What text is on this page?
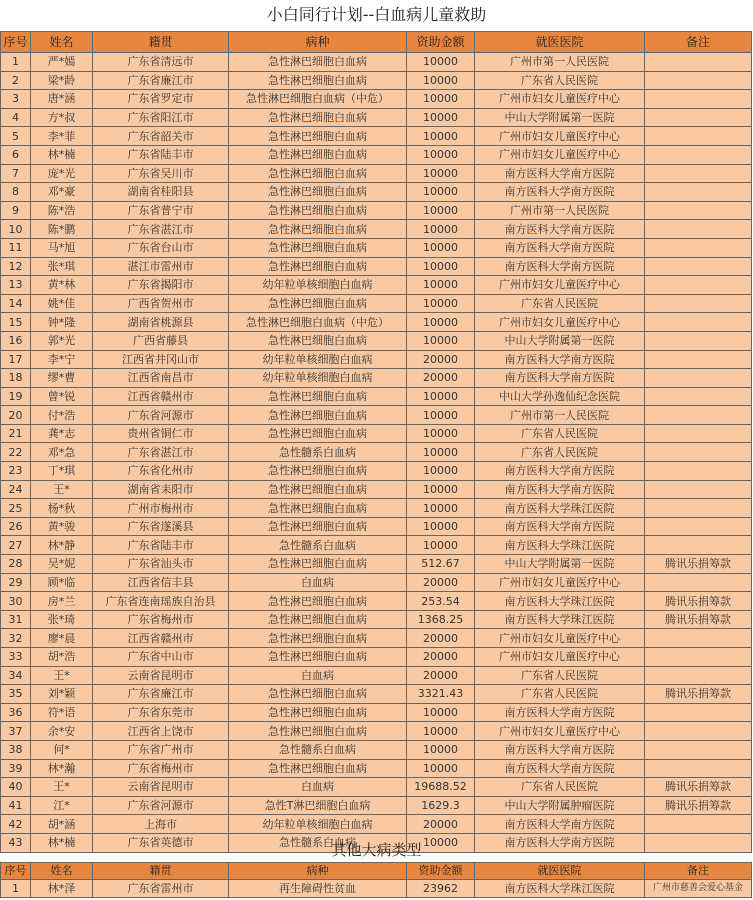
小白同行计划--白血病儿童救助
序号	姓名	籍贯	病种	资助金额	就医医院	备注
1	严*嫣	广东省清远市	急性淋巴细胞白血病	10000	广州市第一人民医院	
2	梁*龄	广东省廉江市	急性淋巴细胞白血病	10000	广东省人民医院	
3	唐*涵	广东省罗定市	急性淋巴细胞白血病（中危）	10000	广州市妇女儿童医疗中心	
4	方*叔	广东省阳江市	急性淋巴细胞白血病	10000	中山大学附属第一医院	
5	李*菲	广东省韶关市	急性淋巴细胞白血病	10000	广州市妇女儿童医疗中心	
6	林*楠	广东省陆丰市	急性淋巴细胞白血病	10000	广州市妇女儿童医疗中心	
7	庞*光	广东省吴川市	急性淋巴细胞白血病	10000	南方医科大学南方医院	
8	邓*豪	湖南省桂阳县	急性淋巴细胞白血病	10000	南方医科大学南方医院	
9	陈*浩	广东省普宁市	急性淋巴细胞白血病	10000	广州市第一人民医院	
10	陈*鹏	广东省湛江市	急性淋巴细胞白血病	10000	南方医科大学南方医院	
11	马*旭	广东省台山市	急性淋巴细胞白血病	10000	南方医科大学南方医院	
12	张*琪	湛江市雷州市	急性淋巴细胞白血病	10000	南方医科大学南方医院	
13	黄*林	广东省揭阳市	幼年粒单核细胞白血病	10000	广州市妇女儿童医疗中心	
14	姚*佳	广西省贺州市	急性淋巴细胞白血病	10000	广东省人民医院	
15	钟*隆	湖南省桃源县	急性淋巴细胞白血病（中危）	10000	广州市妇女儿童医疗中心	
16	郭*光	广西省藤县	急性淋巴细胞白血病	10000	中山大学附属第一医院	
17	李*宁	江西省井冈山市	幼年粒单核细胞白血病	20000	南方医科大学南方医院	
18	缪*曹	江西省南昌市	幼年粒单核细胞白血病	20000	南方医科大学南方医院	
19	曾*锐	江西省赣州市	急性淋巴细胞白血病	10000	中山大学孙逸仙纪念医院	
20	付*浩	广东省河源市	急性淋巴细胞白血病	10000	广州市第一人民医院	
21	龚*志	贵州省铜仁市	急性淋巴细胞白血病	10000	广东省人民医院	
22	邓*急	广东省湛江市	急性髓系白血病	10000	广东省人民医院	
23	丁*琪	广东省化州市	急性淋巴细胞白血病	10000	南方医科大学南方医院	
24	王*	湖南省耒阳市	急性淋巴细胞白血病	10000	南方医科大学南方医院	
25	杨*秋	广州市梅州市	急性淋巴细胞白血病	10000	南方医科大学珠江医院	
26	黄*骏	广东省遂溪县	急性淋巴细胞白血病	10000	南方医科大学南方医院	
27	林*静	广东省陆丰市	急性髓系白血病	10000	南方医科大学珠江医院	
28	吴*妮	广东省汕头市	急性淋巴细胞白血病	512.67	中山大学附属第一医院	腾讯乐捐筹款
29	顾*临	江西省信丰县	白血病	20000	广州市妇女儿童医疗中心	
30	房*兰	广东省连南瑶族自治县	急性淋巴细胞白血病	253.54	南方医科大学珠江医院	腾讯乐捐筹款
31	张*琦	广东省梅州市	急性淋巴细胞白血病	1368.25	南方医科大学珠江医院	腾讯乐捐筹款
32	廖*晨	江西省赣州市	急性淋巴细胞白血病	20000	广州市妇女儿童医疗中心	
33	胡*浩	广东省中山市	急性淋巴细胞白血病	20000	广州市妇女儿童医疗中心	
34	王*	云南省昆明市	白血病	20000	广东省人民医院	
35	刘*颖	广东省廉江市	急性淋巴细胞白血病	3321.43	广东省人民医院	腾讯乐捐筹款
36	符*语	广东省东莞市	急性淋巴细胞白血病	10000	南方医科大学南方医院	
37	余*安	江西省上饶市	急性淋巴细胞白血病	10000	广州市妇女儿童医疗中心	
38	何*	广东省广州市	急性髓系白血病	10000	南方医科大学南方医院	
39	林*瀚	广东省梅州市	急性淋巴细胞白血病	10000	南方医科大学南方医院	
40	王*	云南省昆明市	白血病	19688.52	广东省人民医院	腾讯乐捐筹款
41	江*	广东省河源市	急性T淋巴细胞白血病	1629.3	中山大学附属肿瘤医院	腾讯乐捐筹款
42	胡*涵	上海市	幼年粒单核细胞白血病	20000	南方医科大学南方医院	
43	林*楠	广东省英德市	急性髓系白血病	10000	南方医科大学南方医院	
其他大病类型
序号	姓名	籍贯	病种	资助金额	就医医院	备注
1	林*泽	广东省雷州市	再生障碍性贫血	23962	南方医科大学珠江医院	广州市慈善会爱心基金
